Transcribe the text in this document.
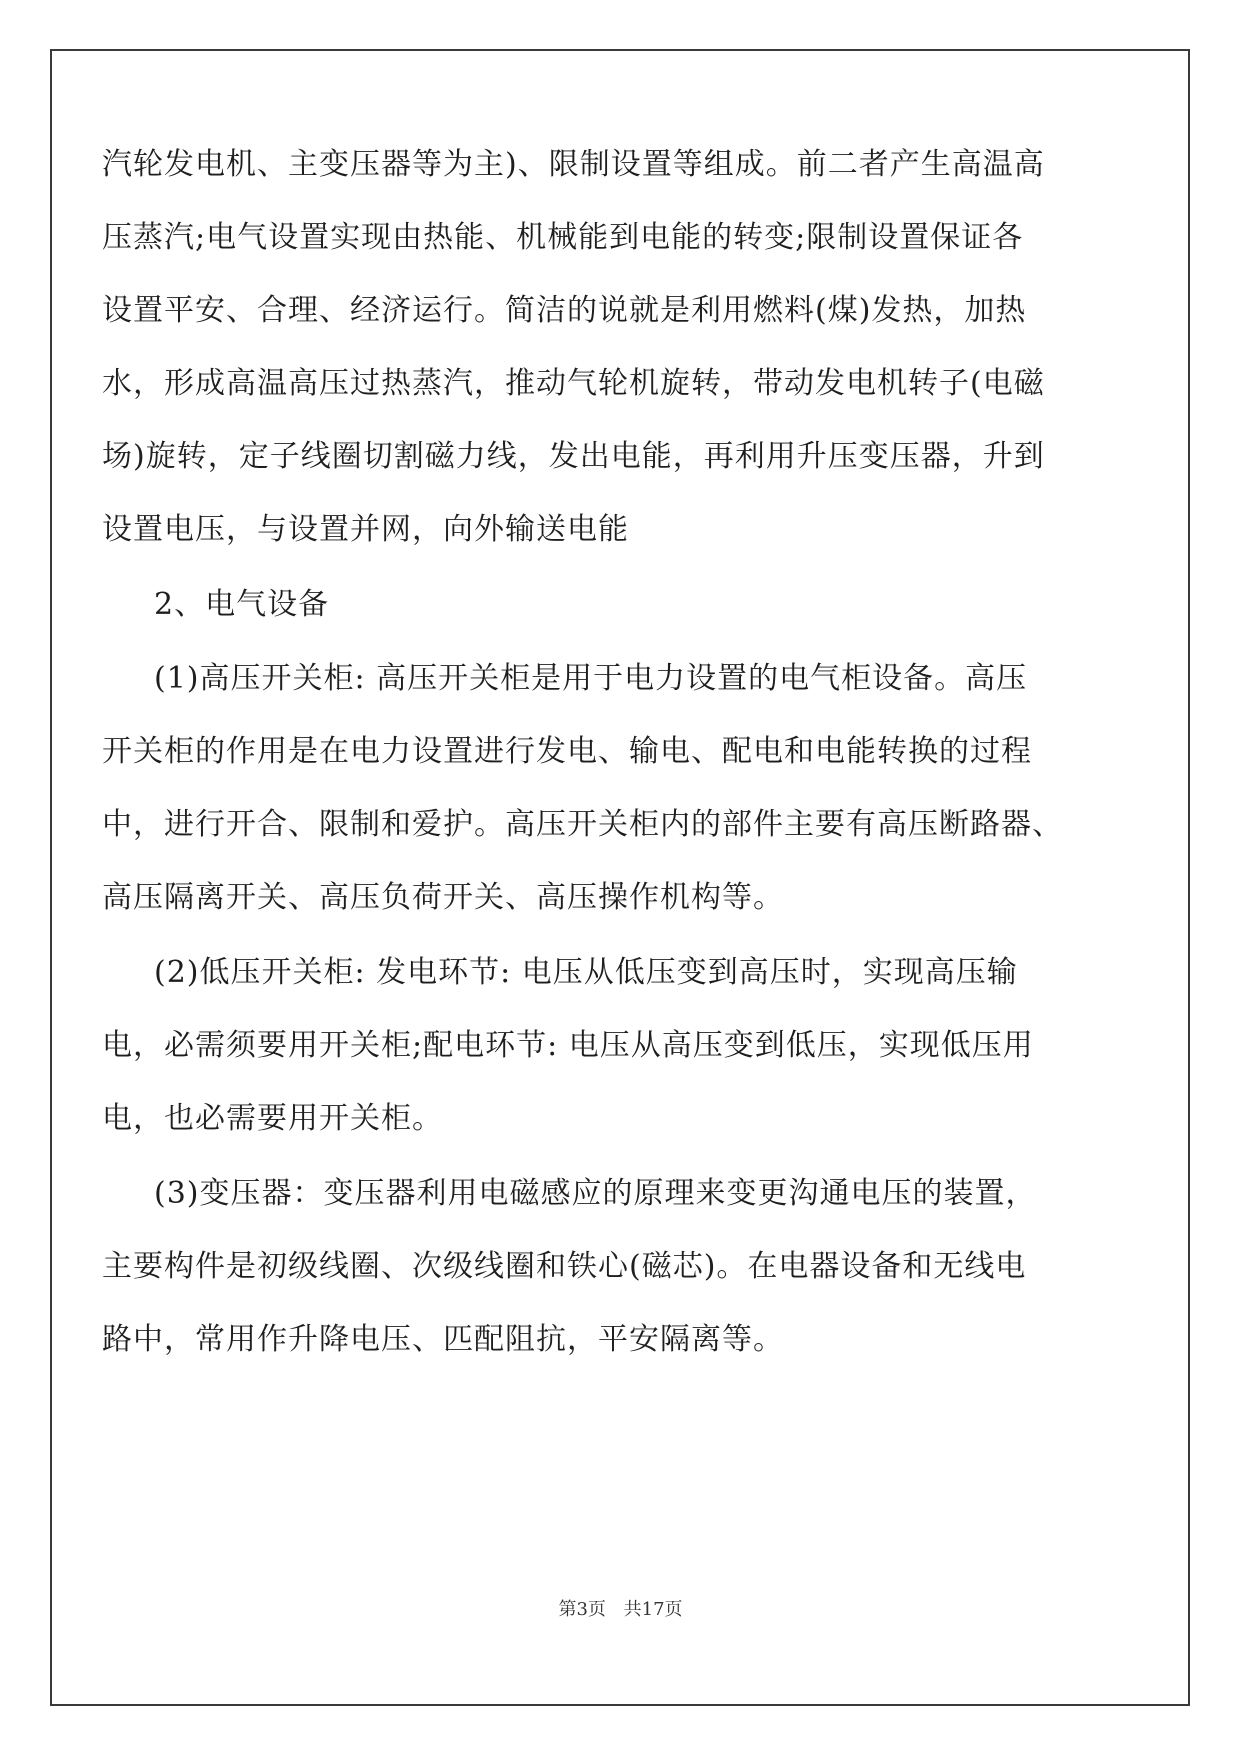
汽轮发电机、主变压器等为主)、限制设置等组成。前二者产生高温高
压蒸汽;电气设置实现由热能、机械能到电能的转变;限制设置保证各
设置平安、合理、经济运行。简洁的说就是利用燃料(煤)发热，加热
水，形成高温高压过热蒸汽，推动气轮机旋转，带动发电机转子(电磁
场)旋转，定子线圈切割磁力线，发出电能，再利用升压变压器，升到
设置电压，与设置并网，向外输送电能
2、电气设备
(1)高压开关柜: 高压开关柜是用于电力设置的电气柜设备。高压
开关柜的作用是在电力设置进行发电、输电、配电和电能转换的过程
中，进行开合、限制和爱护。高压开关柜内的部件主要有高压断路器、
高压隔离开关、高压负荷开关、高压操作机构等。
(2)低压开关柜: 发电环节: 电压从低压变到高压时，实现高压输
电，必需须要用开关柜;配电环节: 电压从高压变到低压，实现低压用
电，也必需要用开关柜。
(3)变压器：变压器利用电磁感应的原理来变更沟通电压的装置，
主要构件是初级线圈、次级线圈和铁心(磁芯)。在电器设备和无线电
路中，常用作升降电压、匹配阻抗，平安隔离等。
第3页 共17页
